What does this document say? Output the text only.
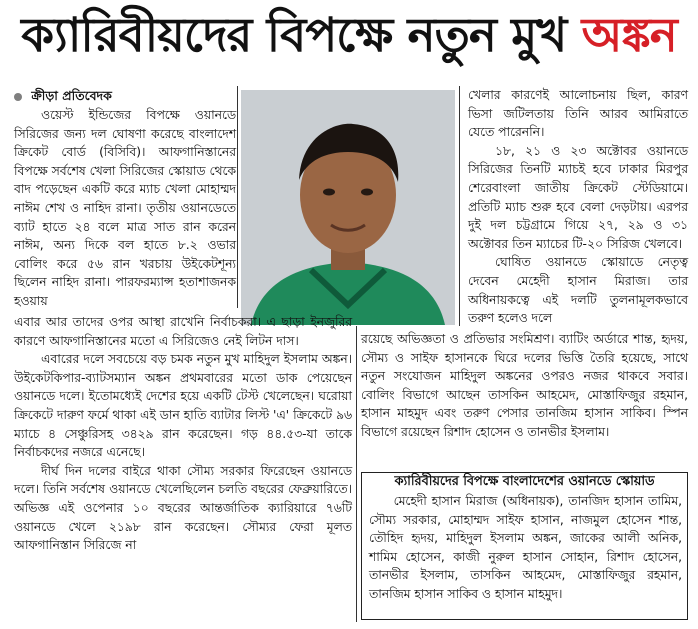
ক্যারিবীয়দের বিপক্ষে নতুন মুখ অঙ্কন
ক্রীড়া প্রতিবেদক

ওয়েস্ট ইন্ডিজের বিপক্ষে ওয়ানডে সিরিজের জন্য দল ঘোষণা করেছে বাংলাদেশ ক্রিকেট বোর্ড (বিসিবি)। আফগানিস্তানের বিপক্ষে সর্বশেষ খেলা সিরিজের স্কোয়াড থেকে বাদ পড়েছেন একটি করে ম্যাচ খেলা মোহাম্মদ নাঈম শেখ ও নাহিদ রানা। তৃতীয় ওয়ানডেতে ব্যাট হাতে ২৪ বলে মাত্র সাত রান করেন নাঈম, অন্য দিকে বল হাতে ৮.২ ওভার বোলিং করে ৫৬ রান খরচায় উইকেটশূন্য ছিলেন নাহিদ রানা। পারফরম্যান্স হতাশাজনক হওয়ায়

এবার আর তাদের ওপর আস্থা রাখেনি নির্বাচকরা। এ ছাড়া ইনজুরির কারণে আফগানিস্তানের মতো এ সিরিজেও নেই লিটন দাস।

এবারের দলে সবচেয়ে বড় চমক নতুন মুখ মাহিদুল ইসলাম অঙ্কন। উইকেটকিপার-ব্যাটসম্যান অঙ্কন প্রথমবারের মতো ডাক পেয়েছেন ওয়ানডে দলে। ইতোমধ্যেই দেশের হয়ে একটি টেস্ট খেলেছেন। ঘরোয়া ক্রিকেটে দারুণ ফর্মে থাকা এই ডান হাতি ব্যাটার লিস্ট 'এ' ক্রিকেটে ৯৬ ম্যাচে ৪ সেঞ্চুরিসহ ৩৪২৯ রান করেছেন। গড় ৪৪.৫৩-যা তাকে নির্বাচকদের নজরে এনেছে।

দীর্ঘ দিন দলের বাইরে থাকা সৌম্য সরকার ফিরেছেন ওয়ানডে দলে। তিনি সর্বশেষ ওয়ানডে খেলেছিলেন চলতি বছরের ফেব্রুয়ারিতে। অভিজ্ঞ এই ওপেনার ১০ বছরের আন্তর্জাতিক ক্যারিয়ারে ৭৬টি ওয়ানডে খেলে ২১৯৮ রান করেছেন। সৌম্যর ফেরা মূলত আফগানিস্তান সিরিজে না

খেলার কারণেই আলোচনায় ছিল, কারণ ভিসা জটিলতায় তিনি আরব আমিরাতে যেতে পারেননি।

১৮, ২১ ও ২৩ অক্টোবর ওয়ানডে সিরিজের তিনটি ম্যাচই হবে ঢাকার মিরপুর শেরেবাংলা জাতীয় ক্রিকেট স্টেডিয়ামে। প্রতিটি ম্যাচ শুরু হবে বেলা দেড়টায়। এরপর দুই দল চট্টগ্রামে গিয়ে ২৭, ২৯ ও ৩১ অক্টোবর তিন ম্যাচের টি-২০ সিরিজ খেলবে।

ঘোষিত ওয়ানডে স্কোয়াডে নেতৃত্ব দেবেন মেহেদী হাসান মিরাজ। তার অধিনায়কত্বে এই দলটি তুলনামূলকভাবে তরুণ হলেও দলে

রয়েছে অভিজ্ঞতা ও প্রতিভার সংমিশ্রণ। ব্যাটিং অর্ডারে শান্ত, হৃদয়, সৌম্য ও সাইফ হাসানকে ঘিরে দলের ভিত্তি তৈরি হয়েছে, সাথে নতুন সংযোজন মাহিদুল অঙ্কনের ওপরও নজর থাকবে সবার। বোলিং বিভাগে আছেন তাসকিন আহমেদ, মোস্তাফিজুর রহমান, হাসান মাহমুদ এবং তরুণ পেসার তানজিম হাসান সাকিব। স্পিন বিভাগে রয়েছেন রিশাদ হোসেন ও তানভীর ইসলাম।

ক্যারিবীয়দের বিপক্ষে বাংলাদেশের ওয়ানডে স্কোয়াড
মেহেদী হাসান মিরাজ (অধিনায়ক), তানজিদ হাসান তামিম, সৌম্য সরকার, মোহাম্মদ সাইফ হাসান, নাজমুল হোসেন শান্ত, তৌহিদ হৃদয়, মাহিদুল ইসলাম অঙ্কন, জাকের আলী অনিক, শামিম হোসেন, কাজী নুরুল হাসান সোহান, রিশাদ হোসেন, তানভীর ইসলাম, তাসকিন আহমেদ, মোস্তাফিজুর রহমান, তানজিম হাসান সাকিব ও হাসান মাহমুদ।
